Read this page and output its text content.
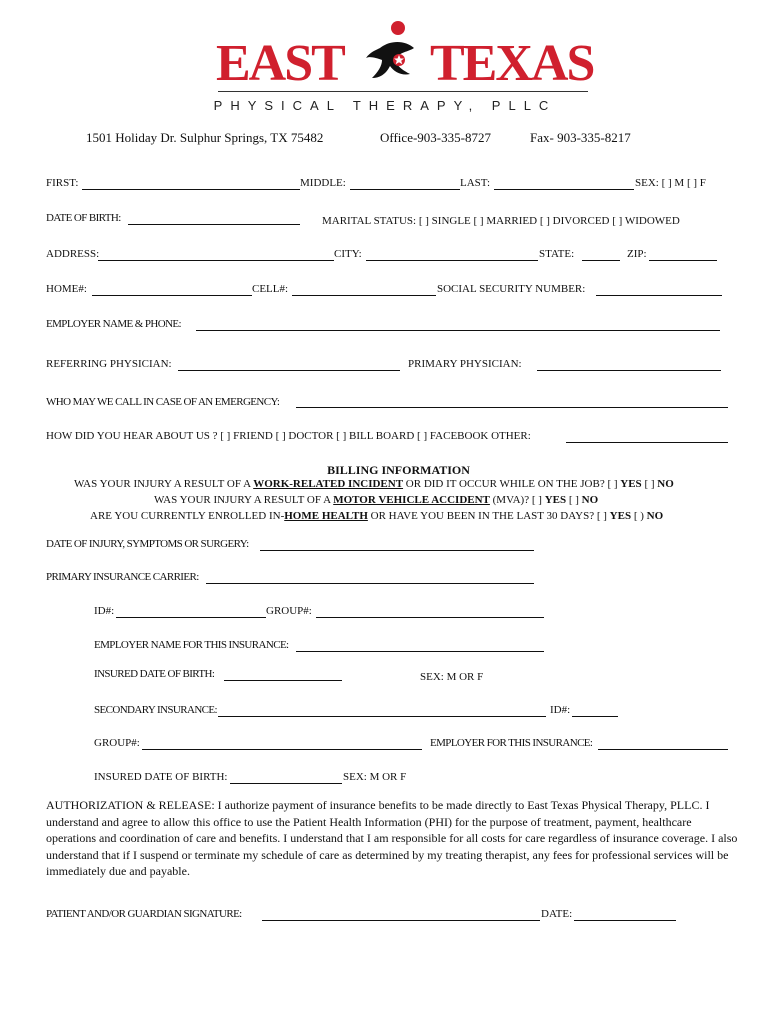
EAST TEXAS
PHYSICAL THERAPY, PLLC
1501 Holiday Dr. Sulphur Springs, TX 75482	Office-903-335-8727	Fax- 903-335-8217
FIRST:	MIDDLE:	LAST:	SEX: [ ] M [ ] F
DATE OF BIRTH:	MARITAL STATUS: [ ] SINGLE [ ] MARRIED [ ] DIVORCED [ ] WIDOWED
ADDRESS:	CITY:	STATE:	ZIP:
HOME#:	CELL#:	SOCIAL SECURITY NUMBER:
EMPLOYER NAME & PHONE:
REFERRING PHYSICIAN:	PRIMARY PHYSICIAN:
WHO MAY WE CALL IN CASE OF AN EMERGENCY:
HOW DID YOU HEAR ABOUT US ? [ ] FRIEND [ ] DOCTOR [ ] BILL BOARD [ ] FACEBOOK OTHER:
BILLING INFORMATION
WAS YOUR INJURY A RESULT OF A WORK-RELATED INCIDENT OR DID IT OCCUR WHILE ON THE JOB? [ ] YES [ ] NO
WAS YOUR INJURY A RESULT OF A MOTOR VEHICLE ACCIDENT (MVA)? [ ] YES [ ] NO
ARE YOU CURRENTLY ENROLLED IN-HOME HEALTH OR HAVE YOU BEEN IN THE LAST 30 DAYS? [ ] YES [ ) NO
DATE OF INJURY, SYMPTOMS OR SURGERY:
PRIMARY INSURANCE CARRIER:
ID#:	GROUP#:
EMPLOYER NAME FOR THIS INSURANCE:
INSURED DATE OF BIRTH:	SEX: M OR F
SECONDARY INSURANCE:	ID#:
GROUP#:	EMPLOYER FOR THIS INSURANCE:
INSURED DATE OF BIRTH:	SEX: M OR F
AUTHORIZATION & RELEASE: I authorize payment of insurance benefits to be made directly to East Texas Physical Therapy, PLLC. I understand and agree to allow this office to use the Patient Health Information (PHI) for the purpose of treatment, payment, healthcare operations and coordination of care and benefits. I understand that I am responsible for all costs for care regardless of insurance coverage. I also understand that if I suspend or terminate my schedule of care as determined by my treating therapist, any fees for professional services will be immediately due and payable.
PATIENT AND/OR GUARDIAN SIGNATURE:	DATE:
